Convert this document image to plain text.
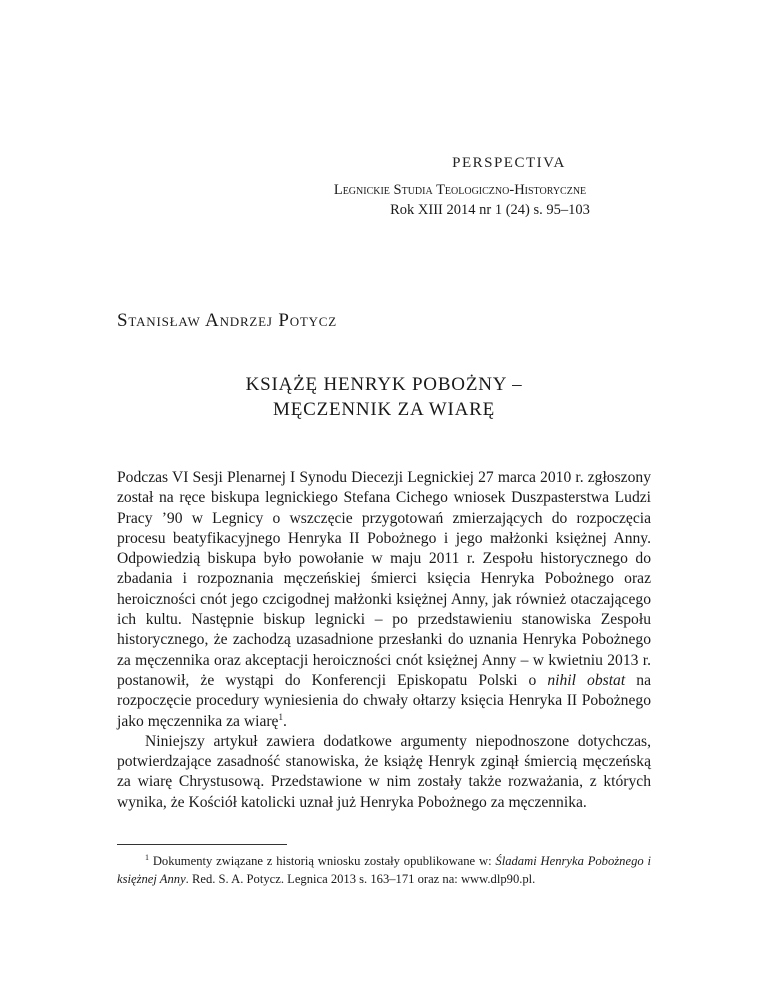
perspectiva
Legnickie Studia Teologiczno-Historyczne
Rok XIII 2014 nr 1 (24) s. 95–103
Stanisław Andrzej Potycz
KSIĄŻĘ HENRYK POBOŻNY –
MĘCZENNIK ZA WIARĘ

Podczas VI Sesji Plenarnej I Synodu Diecezji Legnickiej 27 marca 2010 r. zgłoszony został na ręce biskupa legnickiego Stefana Cichego wniosek Duszpasterstwa Ludzi Pracy ’90 w Legnicy o wszczęcie przygotowań zmierzających do rozpoczęcia procesu beatyfikacyjnego Henryka II Pobożnego i jego małżonki księżnej Anny. Odpowiedzią biskupa było powołanie w maju 2011 r. Zespołu historycznego do zbadania i rozpoznania męczeńskiej śmierci księcia Henryka Pobożnego oraz heroiczności cnót jego czcigodnej małżonki księżnej Anny, jak również otaczającego ich kultu. Następnie biskup legnicki – po przedstawieniu stanowiska Zespołu historycznego, że zachodzą uzasadnione przesłanki do uznania Henryka Pobożnego za męczennika oraz akceptacji heroiczności cnót księżnej Anny – w kwietniu 2013 r. postanowił, że wystąpi do Konferencji Episkopatu Polski o nihil obstat na rozpoczęcie procedury wyniesienia do chwały ołtarzy księcia Henryka II Pobożnego jako męczennika za wiarę$^1$.

Niniejszy artykuł zawiera dodatkowe argumenty niepodnoszone dotychczas, potwierdzające zasadność stanowiska, że książę Henryk zginął śmiercią męczeńską za wiarę Chrystusową. Przedstawione w nim zostały także rozważania, z których wynika, że Kościół katolicki uznał już Henryka Pobożnego za męczennika.

$^1$ Dokumenty związane z historią wniosku zostały opublikowane w: Śladami Henryka Pobożnego i księżnej Anny. Red. S. A. Potycz. Legnica 2013 s. 163–171 oraz na: www.dlp90.pl.
